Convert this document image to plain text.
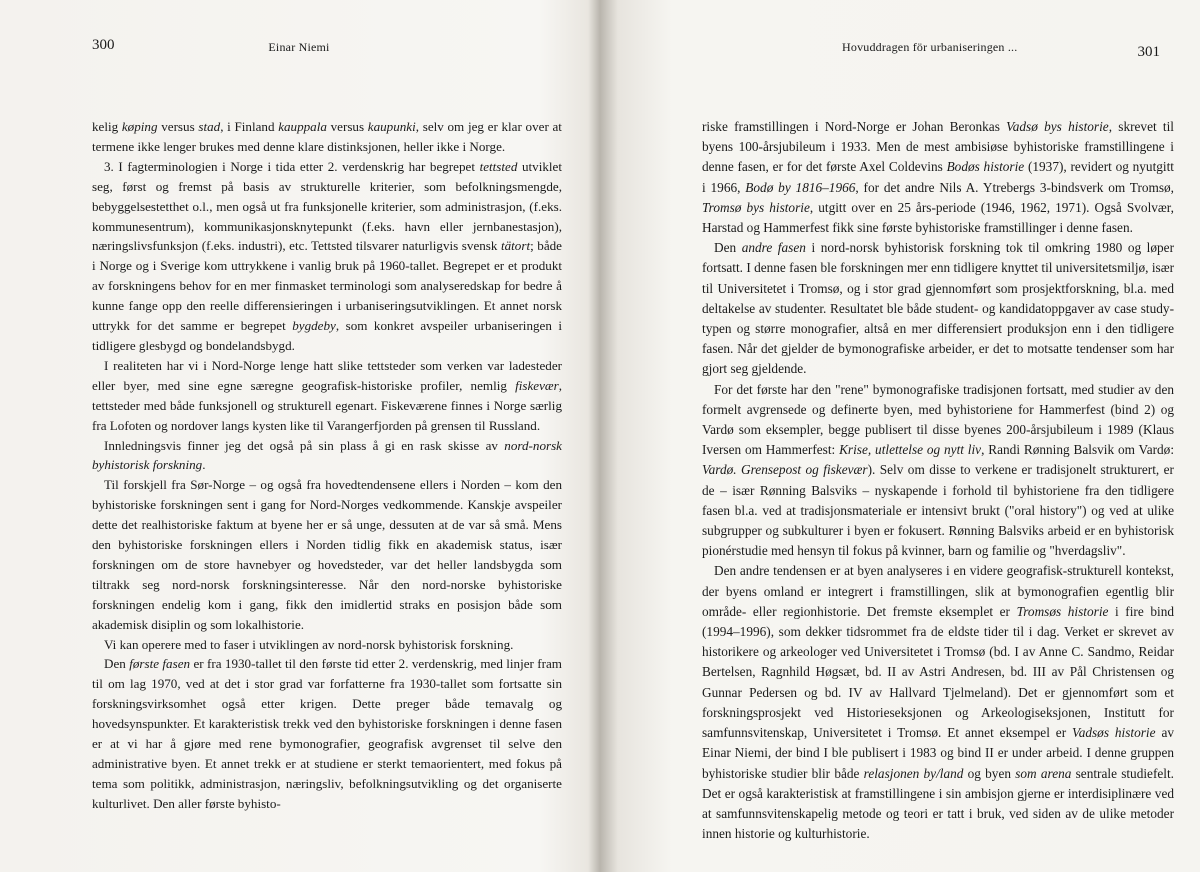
300	Einar Niemi

kelig køping versus stad, i Finland kauppala versus kaupunki, selv om jeg er klar over at termene ikke lenger brukes med denne klare distinksjonen, heller ikke i Norge.

3. I fagterminologien i Norge i tida etter 2. verdenskrig har begrepet tettsted utviklet seg, først og fremst på basis av strukturelle kriterier, som befolkningsmengde, bebyggelsestetthet o.l., men også ut fra funksjonelle kriterier, som administrasjon, (f.eks. kommunesentrum), kommunikasjonsknytepunkt (f.eks. havn eller jernbanestasjon), næringslivsfunksjon (f.eks. industri), etc. Tettsted tilsvarer naturligvis svensk tätort; både i Norge og i Sverige kom uttrykkene i vanlig bruk på 1960-tallet. Begrepet er et produkt av forskningens behov for en mer finmasket terminologi som analyseredskap for bedre å kunne fange opp den reelle differensieringen i urbaniseringsutviklingen. Et annet norsk uttrykk for det samme er begrepet bygdeby, som konkret avspeiler urbaniseringen i tidligere glesbygd og bondelandsbygd.

I realiteten har vi i Nord-Norge lenge hatt slike tettsteder som verken var ladesteder eller byer, med sine egne særegne geografisk-historiske profiler, nemlig fiskevær, tettsteder med både funksjonell og strukturell egenart. Fiskeværene finnes i Norge særlig fra Lofoten og nordover langs kysten like til Varangerfjorden på grensen til Russland.

Innledningsvis finner jeg det også på sin plass å gi en rask skisse av nord-norsk byhistorisk forskning.

Til forskjell fra Sør-Norge – og også fra hovedtendensene ellers i Norden – kom den byhistoriske forskningen sent i gang for Nord-Norges vedkommende. Kanskje avspeiler dette det realhistoriske faktum at byene her er så unge, dessuten at de var så små. Mens den byhistoriske forskningen ellers i Norden tidlig fikk en akademisk status, især forskningen om de store havnebyer og hovedsteder, var det heller landsbygda som tiltrakk seg nord-norsk forskningsinteresse. Når den nord-norske byhistoriske forskningen endelig kom i gang, fikk den imidlertid straks en posisjon både som akademisk disiplin og som lokalhistorie.

Vi kan operere med to faser i utviklingen av nord-norsk byhistorisk forskning.

Den første fasen er fra 1930-tallet til den første tid etter 2. verdenskrig, med linjer fram til om lag 1970, ved at det i stor grad var forfatterne fra 1930-tallet som fortsatte sin forskningsvirksomhet også etter krigen. Dette preger både temavalg og hovedsynspunkter. Et karakteristisk trekk ved den byhistoriske forskningen i denne fasen er at vi har å gjøre med rene bymonografier, geografisk avgrenset til selve den administrative byen. Et annet trekk er at studiene er sterkt temaorientert, med fokus på tema som politikk, administrasjon, næringsliv, befolkningsutvikling og det organiserte kulturlivet. Den aller første byhisto-

Hovuddragen för urbaniseringen ...	301

riske framstillingen i Nord-Norge er Johan Beronkas Vadsø bys historie, skrevet til byens 100-årsjubileum i 1933. Men de mest ambisiøse byhistoriske framstillingene i denne fasen, er for det første Axel Coldevins Bodøs historie (1937), revidert og nyutgitt i 1966, Bodø by 1816–1966, for det andre Nils A. Ytrebergs 3-bindsverk om Tromsø, Tromsø bys historie, utgitt over en 25 års-periode (1946, 1962, 1971). Også Svolvær, Harstad og Hammerfest fikk sine første byhistoriske framstillinger i denne fasen.

Den andre fasen i nord-norsk byhistorisk forskning tok til omkring 1980 og løper fortsatt. I denne fasen ble forskningen mer enn tidligere knyttet til universitetsmiljø, især til Universitetet i Tromsø, og i stor grad gjennomført som prosjektforskning, bl.a. med deltakelse av studenter. Resultatet ble både student- og kandidatoppgaver av case study-typen og større monografier, altså en mer differensiert produksjon enn i den tidligere fasen. Når det gjelder de bymonografiske arbeider, er det to motsatte tendenser som har gjort seg gjeldende.

For det første har den "rene" bymonografiske tradisjonen fortsatt, med studier av den formelt avgrensede og definerte byen, med byhistoriene for Hammerfest (bind 2) og Vardø som eksempler, begge publisert til disse byenes 200-årsjubileum i 1989 (Klaus Iversen om Hammerfest: Krise, utlettelse og nytt liv, Randi Rønning Balsvik om Vardø: Vardø. Grensepost og fiskevær). Selv om disse to verkene er tradisjonelt strukturert, er de – især Rønning Balsviks – nyskapende i forhold til byhistoriene fra den tidligere fasen bl.a. ved at tradisjonsmateriale er intensivt brukt ("oral history") og ved at ulike subgrupper og subkulturer i byen er fokusert. Rønning Balsviks arbeid er en byhistorisk pionérstudie med hensyn til fokus på kvinner, barn og familie og "hverdagsliv".

Den andre tendensen er at byen analyseres i en videre geografisk-strukturell kontekst, der byens omland er integrert i framstillingen, slik at bymonografien egentlig blir område- eller regionhistorie. Det fremste eksemplet er Tromsøs historie i fire bind (1994–1996), som dekker tidsrommet fra de eldste tider til i dag. Verket er skrevet av historikere og arkeologer ved Universitetet i Tromsø (bd. I av Anne C. Sandmo, Reidar Bertelsen, Ragnhild Høgsæt, bd. II av Astri Andresen, bd. III av Pål Christensen og Gunnar Pedersen og bd. IV av Hallvard Tjelmeland). Det er gjennomført som et forskningsprosjekt ved Historieseksjonen og Arkeologiseksjonen, Institutt for samfunnsvitenskap, Universitetet i Tromsø. Et annet eksempel er Vadsøs historie av Einar Niemi, der bind I ble publisert i 1983 og bind II er under arbeid. I denne gruppen byhistoriske studier blir både relasjonen by/land og byen som arena sentrale studiefelt. Det er også karakteristisk at framstillingene i sin ambisjon gjerne er interdisiplinære ved at samfunnsvitenskapelig metode og teori er tatt i bruk, ved siden av de ulike metoder innen historie og kulturhistorie.
